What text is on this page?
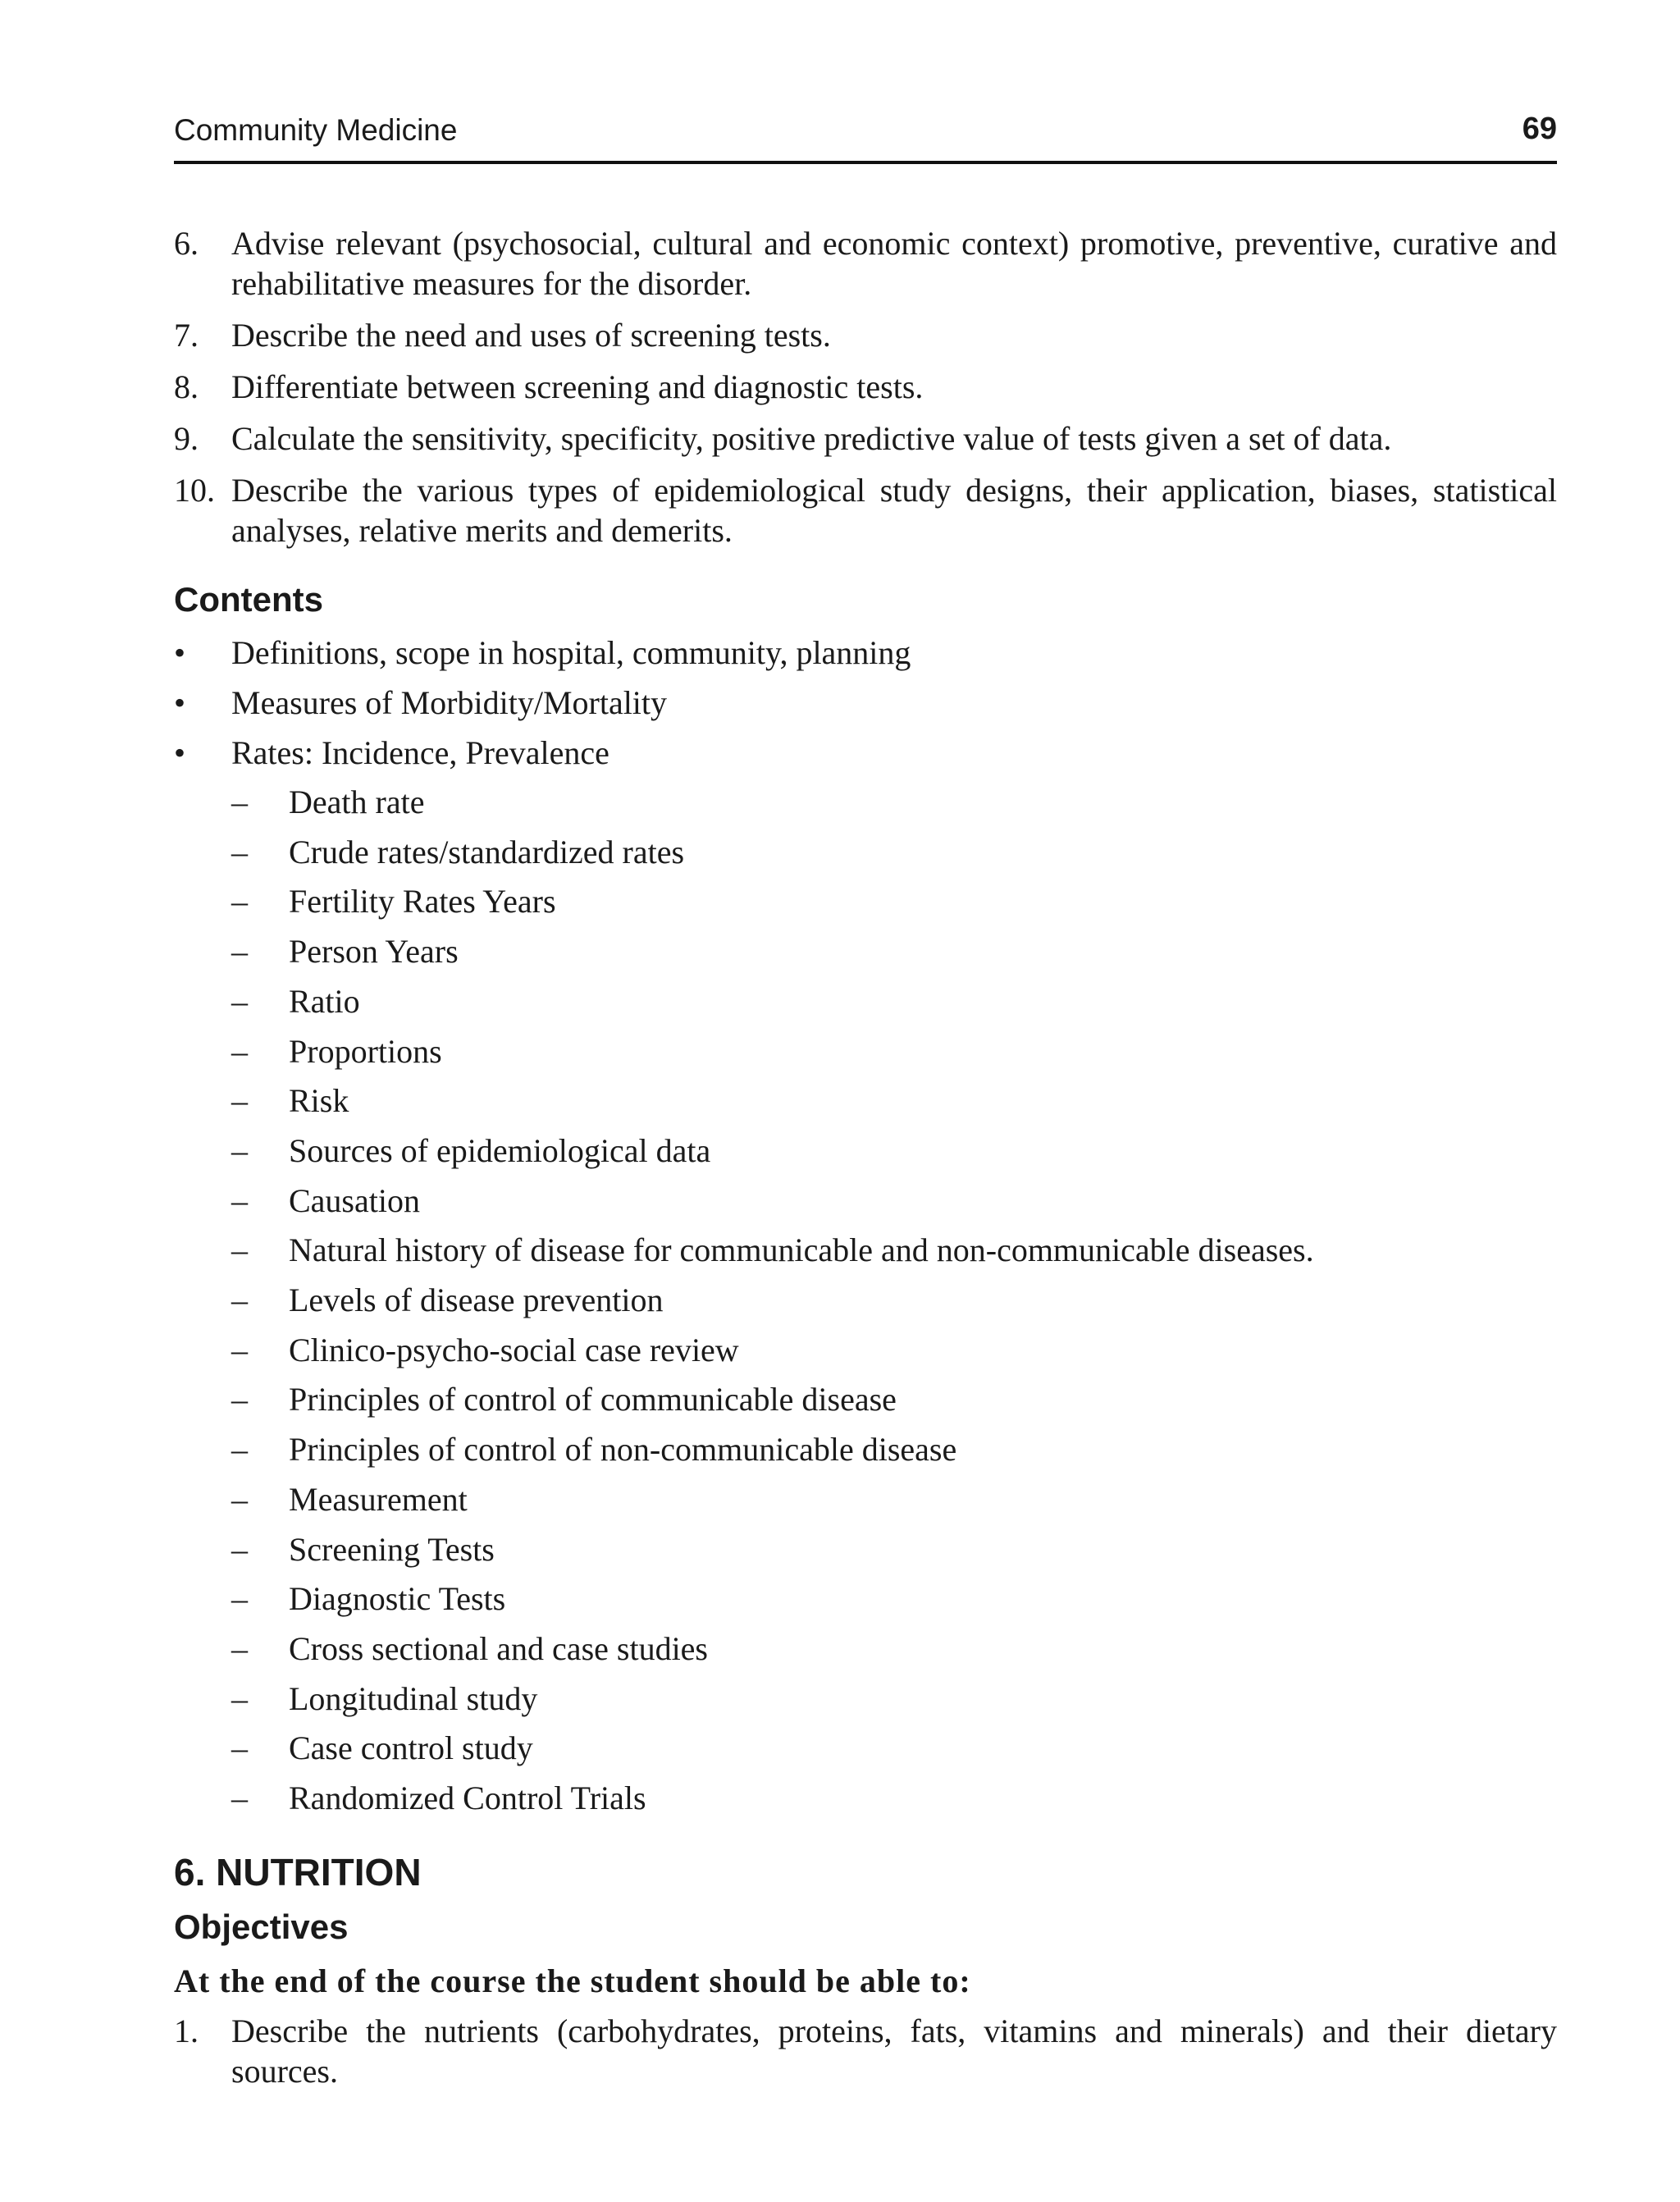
Community Medicine	69
6. Advise relevant (psychosocial, cultural and economic context) promotive, preventive, curative and rehabilitative measures for the disorder.
7. Describe the need and uses of screening tests.
8. Differentiate between screening and diagnostic tests.
9. Calculate the sensitivity, specificity, positive predictive value of tests given a set of data.
10. Describe the various types of epidemiological study designs, their application, biases, statistical analyses, relative merits and demerits.
Contents
• Definitions, scope in hospital, community, planning
• Measures of Morbidity/Mortality
• Rates: Incidence, Prevalence
– Death rate
– Crude rates/standardized rates
– Fertility Rates Years
– Person Years
– Ratio
– Proportions
– Risk
– Sources of epidemiological data
– Causation
– Natural history of disease for communicable and non-communicable diseases.
– Levels of disease prevention
– Clinico-psycho-social case review
– Principles of control of communicable disease
– Principles of control of non-communicable disease
– Measurement
– Screening Tests
– Diagnostic Tests
– Cross sectional and case studies
– Longitudinal study
– Case control study
– Randomized Control Trials
6. NUTRITION
Objectives

At the end of the course the student should be able to:

1. Describe the nutrients (carbohydrates, proteins, fats, vitamins and minerals) and their dietary sources.
